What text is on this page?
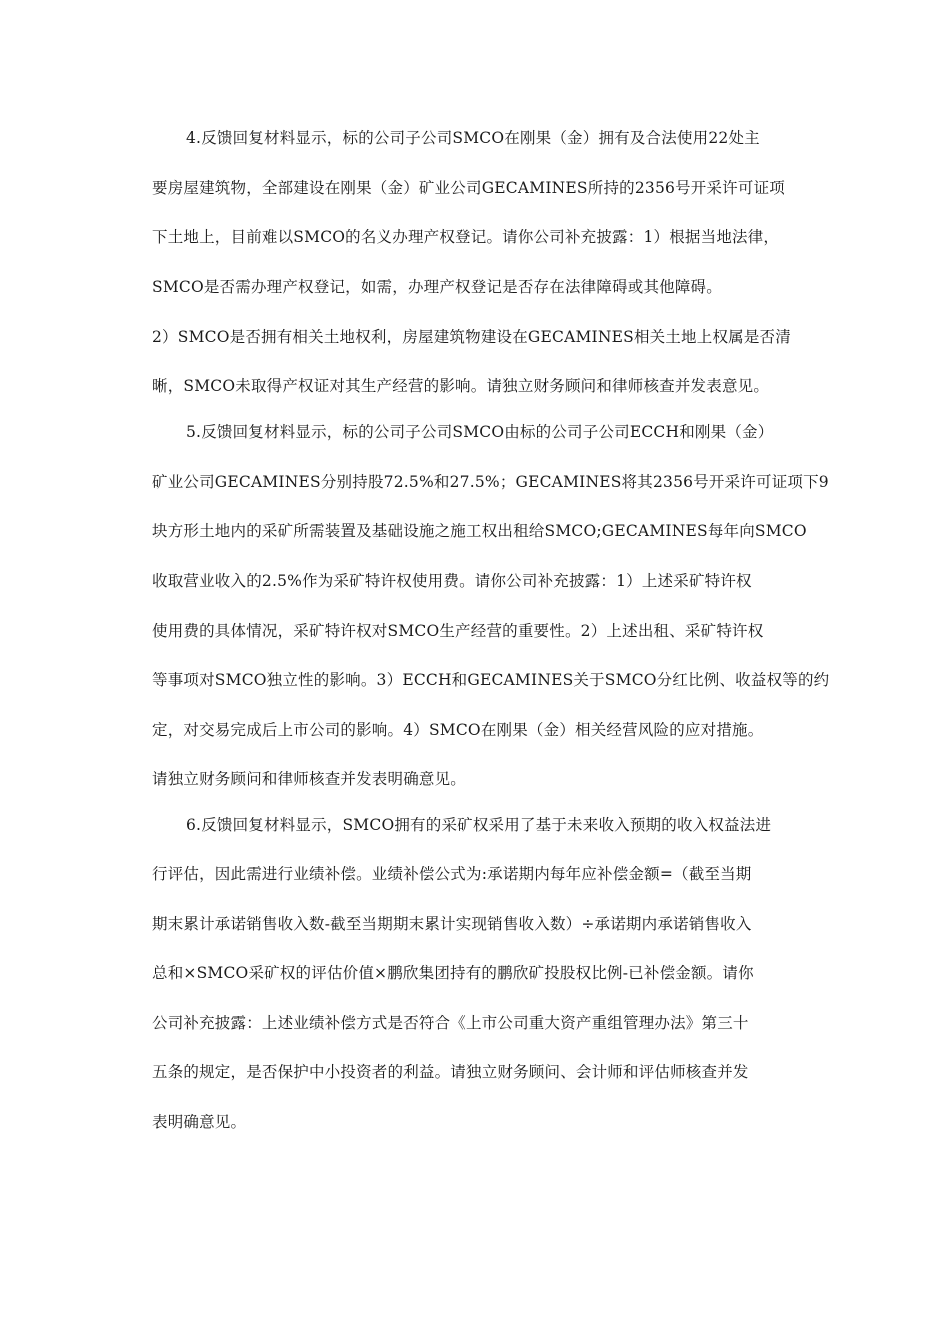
4.反馈回复材料显示，标的公司子公司SMCO在刚果（金）拥有及合法使用22处主
要房屋建筑物，全部建设在刚果（金）矿业公司GECAMINES所持的2356号开采许可证项
下土地上，目前难以SMCO的名义办理产权登记。请你公司补充披露：1）根据当地法律，
SMCO是否需办理产权登记，如需，办理产权登记是否存在法律障碍或其他障碍。
2）SMCO是否拥有相关土地权利，房屋建筑物建设在GECAMINES相关土地上权属是否清
晰，SMCO未取得产权证对其生产经营的影响。请独立财务顾问和律师核查并发表意见。
5.反馈回复材料显示，标的公司子公司SMCO由标的公司子公司ECCH和刚果（金）
矿业公司GECAMINES分别持股72.5%和27.5%；GECAMINES将其2356号开采许可证项下9
块方形土地内的采矿所需装置及基础设施之施工权出租给SMCO;GECAMINES每年向SMCO
收取营业收入的2.5%作为采矿特许权使用费。请你公司补充披露：1）上述采矿特许权
使用费的具体情况，采矿特许权对SMCO生产经营的重要性。2）上述出租、采矿特许权
等事项对SMCO独立性的影响。3）ECCH和GECAMINES关于SMCO分红比例、收益权等的约
定，对交易完成后上市公司的影响。4）SMCO在刚果（金）相关经营风险的应对措施。
请独立财务顾问和律师核查并发表明确意见。
6.反馈回复材料显示，SMCO拥有的采矿权采用了基于未来收入预期的收入权益法进
行评估，因此需进行业绩补偿。业绩补偿公式为:承诺期内每年应补偿金额=（截至当期
期末累计承诺销售收入数-截至当期期末累计实现销售收入数）÷承诺期内承诺销售收入
总和×SMCO采矿权的评估价值×鹏欣集团持有的鹏欣矿投股权比例-已补偿金额。请你
公司补充披露：上述业绩补偿方式是否符合《上市公司重大资产重组管理办法》第三十
五条的规定，是否保护中小投资者的利益。请独立财务顾问、会计师和评估师核查并发
表明确意见。
